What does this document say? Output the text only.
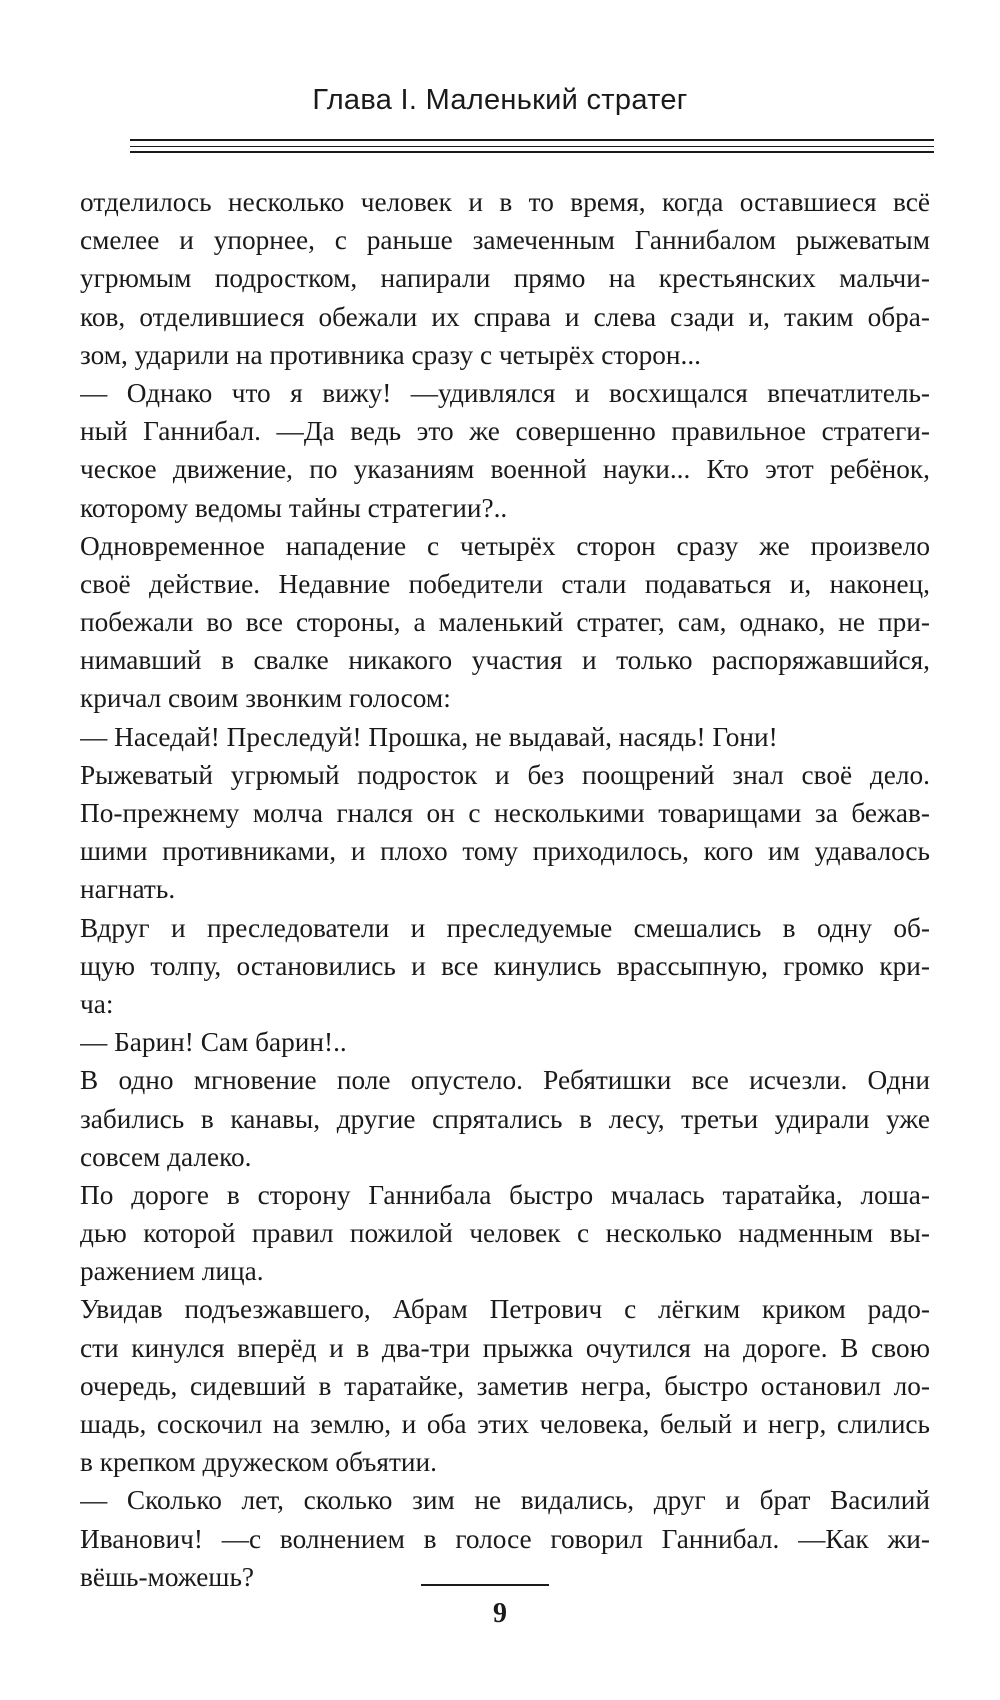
Глава I. Маленький стратег
отделилось несколько человек и в то время, когда оставшиеся всё
смелее и упорнее, с раньше замеченным Ганнибалом рыжеватым
угрюмым подростком, напирали прямо на крестьянских мальчи-
ков, отделившиеся обежали их справа и слева сзади и, таким обра-
зом, ударили на противника сразу с четырёх сторон...
— Однако что я вижу! —удивлялся и восхищался впечатлитель-
ный Ганнибал. —Да ведь это же совершенно правильное стратеги-
ческое движение, по указаниям военной науки... Кто этот ребёнок,
которому ведомы тайны стратегии?..
Одновременное нападение с четырёх сторон сразу же произвело
своё действие. Недавние победители стали подаваться и, наконец,
побежали во все стороны, а маленький стратег, сам, однако, не при-
нимавший в свалке никакого участия и только распоряжавшийся,
кричал своим звонким голосом:
— Наседай! Преследуй! Прошка, не выдавай, насядь! Гони!
Рыжеватый угрюмый подросток и без поощрений знал своё дело.
По-прежнему молча гнался он с несколькими товарищами за бежав-
шими противниками, и плохо тому приходилось, кого им удавалось
нагнать.
Вдруг и преследователи и преследуемые смешались в одну об-
щую толпу, остановились и все кинулись врассыпную, громко кри-
ча:
— Барин! Сам барин!..
В одно мгновение поле опустело. Ребятишки все исчезли. Одни
забились в канавы, другие спрятались в лесу, третьи удирали уже
совсем далеко.
По дороге в сторону Ганнибала быстро мчалась таратайка, лоша-
дью которой правил пожилой человек с несколько надменным вы-
ражением лица.
Увидав подъезжавшего, Абрам Петрович с лёгким криком радо-
сти кинулся вперёд и в два-три прыжка очутился на дороге. В свою
очередь, сидевший в таратайке, заметив негра, быстро остановил ло-
шадь, соскочил на землю, и оба этих человека, белый и негр, слились
в крепком дружеском объятии.
— Сколько лет, сколько зим не видались, друг и брат Василий
Иванович! —с волнением в голосе говорил Ганнибал. —Как жи-
вёшь-можешь?
9
